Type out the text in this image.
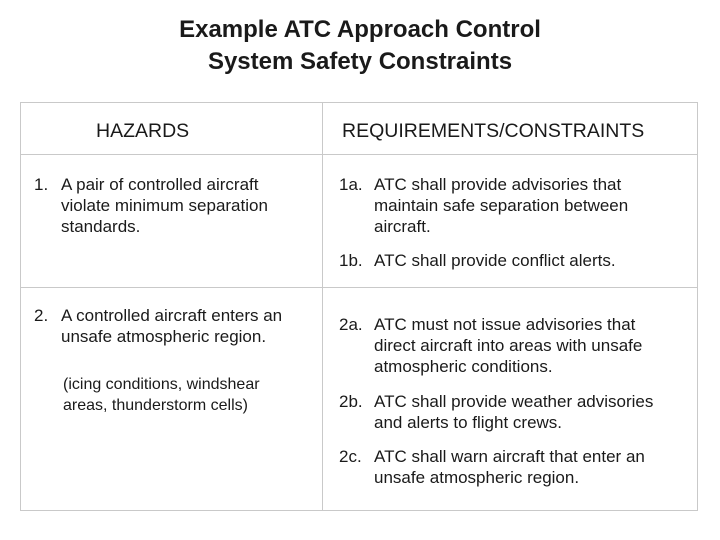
Example ATC Approach Control
System Safety Constraints
HAZARDS	REQUIREMENTS/CONSTRAINTS
1. A pair of controlled aircraft violate minimum separation standards.
1a. ATC shall provide advisories that maintain safe separation between aircraft.
1b. ATC shall provide conflict alerts.
2. A controlled aircraft enters an unsafe atmospheric region.
(icing conditions, windshear areas, thunderstorm cells)
2a. ATC must not issue advisories that direct aircraft into areas with unsafe atmospheric conditions.
2b. ATC shall provide weather advisories and alerts to flight crews.
2c. ATC shall warn aircraft that enter an unsafe atmospheric region.
